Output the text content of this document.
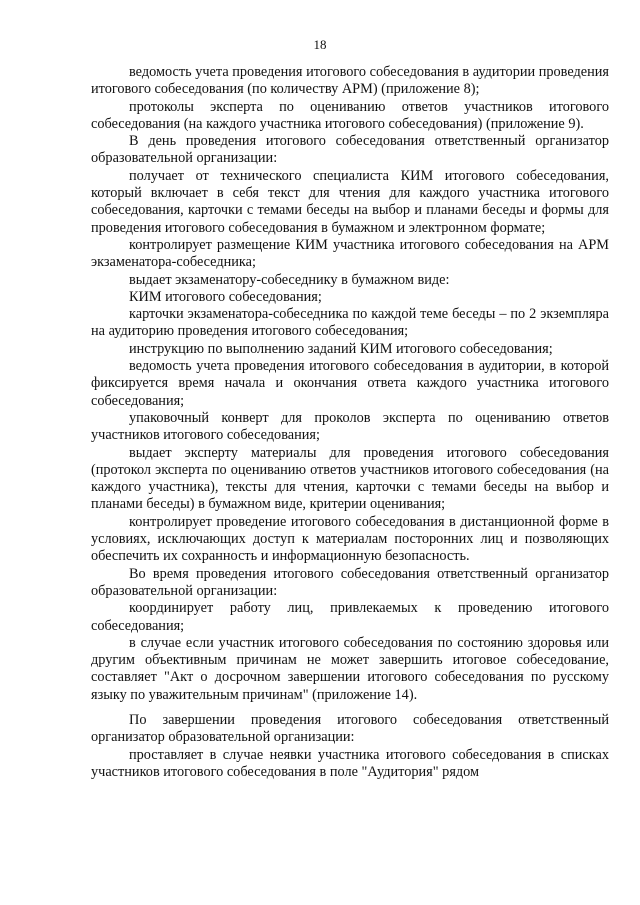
18

ведомость учета проведения итогового собеседования в аудитории проведения итогового собеседования (по количеству АРМ) (приложение 8);

протоколы эксперта по оцениванию ответов участников итогового собеседования (на каждого участника итогового собеседования) (приложение 9).

В день проведения итогового собеседования ответственный организатор образовательной организации:

получает от технического специалиста КИМ итогового собеседования, который включает в себя текст для чтения для каждого участника итогового собеседования, карточки с темами беседы на выбор и планами беседы и формы для проведения итогового собеседования в бумажном и электронном формате;

контролирует размещение КИМ участника итогового собеседования на АРМ экзаменатора-собеседника;

выдает экзаменатору-собеседнику в бумажном виде:

КИМ итогового собеседования;

карточки экзаменатора-собеседника по каждой теме беседы – по 2 экземпляра на аудиторию проведения итогового собеседования;

инструкцию по выполнению заданий КИМ итогового собеседования;

ведомость учета проведения итогового собеседования в аудитории, в которой фиксируется время начала и окончания ответа каждого участника итогового собеседования;

упаковочный конверт для проколов эксперта по оцениванию ответов участников итогового собеседования;

выдает эксперту материалы для проведения итогового собеседования (протокол эксперта по оцениванию ответов участников итогового собеседования (на каждого участника), тексты для чтения, карточки с темами беседы на выбор и планами беседы) в бумажном виде, критерии оценивания;

контролирует проведение итогового собеседования в дистанционной форме в условиях, исключающих доступ к материалам посторонних лиц и позволяющих обеспечить их сохранность и информационную безопасность.

Во время проведения итогового собеседования ответственный организатор образовательной организации:

координирует работу лиц, привлекаемых к проведению итогового собеседования;

в случае если участник итогового собеседования по состоянию здоровья или другим объективным причинам не может завершить итоговое собеседование, составляет "Акт о досрочном завершении итогового собеседования по русскому языку по уважительным причинам" (приложение 14).

По завершении проведения итогового собеседования ответственный организатор образовательной организации:

проставляет в случае неявки участника итогового собеседования в списках участников итогового собеседования в поле "Аудитория" рядом
